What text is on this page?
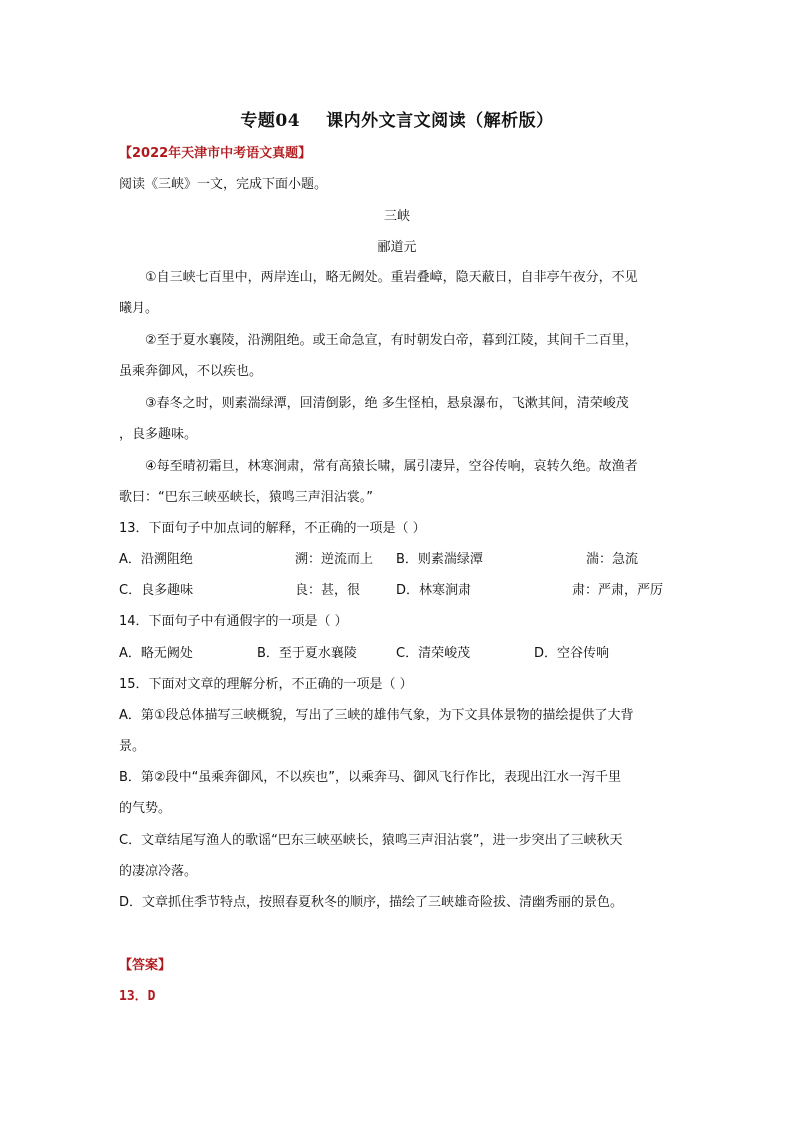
专题04 课内外文言文阅读（解析版）
【2022年天津市中考语文真题】
阅读《三峡》一文，完成下面小题。
三峡
郦道元
①自三峡七百里中，两岸连山，略无阙处。重岩叠嶂，隐天蔽日，自非亭午夜分，不见
曦月。
②至于夏水襄陵，沿溯阻绝。或王命急宣，有时朝发白帝，暮到江陵，其间千二百里，
虽乘奔御风，不以疾也。
③春冬之时，则素湍绿潭，回清倒影，绝 多生怪柏，悬泉瀑布，飞漱其间，清荣峻茂
，良多趣味。
④每至晴初霜旦，林寒涧肃，常有高猿长啸，属引凄异，空谷传响，哀转久绝。故渔者
歌曰：“巴东三峡巫峡长，猿鸣三声泪沾裳。”
13．下面句子中加点词的解释，不正确的一项是（ ）
A．沿溯阻绝	溯：逆流而上 B．则素湍绿潭	湍：急流
C．良多趣味	良：甚，很	D．林寒涧肃	肃：严肃，严厉
14．下面句子中有通假字的一项是（ ）
A．略无阙处	B．至于夏水襄陵	C．清荣峻茂	D．空谷传响
15．下面对文章的理解分析，不正确的一项是（ ）
A．第①段总体描写三峡概貌，写出了三峡的雄伟气象，为下文具体景物的描绘提供了大背
景。
B．第②段中“虽乘奔御风，不以疾也”，以乘奔马、御风飞行作比，表现出江水一泻千里
的气势。
C．文章结尾写渔人的歌谣“巴东三峡巫峡长，猿鸣三声泪沾裳”，进一步突出了三峡秋天
的凄凉冷落。
D．文章抓住季节特点，按照春夏秋冬的顺序，描绘了三峡雄奇险拔、清幽秀丽的景色。
【答案】
13．D
